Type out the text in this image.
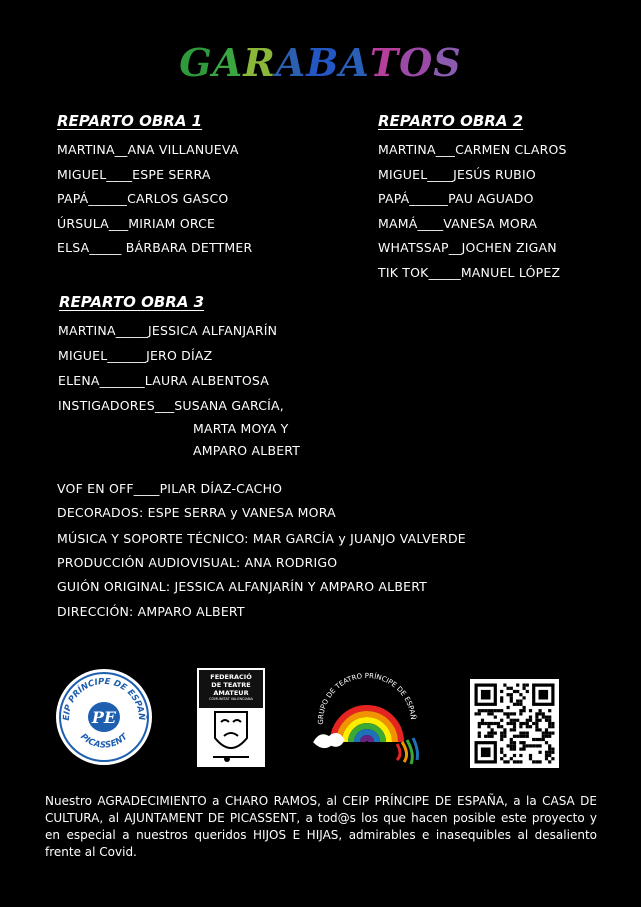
GARABATOS
REPARTO OBRA 1
MARTINA__ANA VILLANUEVA
MIGUEL____ESPE SERRA
PAPÁ______CARLOS GASCO
ÚRSULA___MIRIAM ORCE
ELSA_____ BÁRBARA DETTMER
REPARTO OBRA 2
MARTINA___CARMEN CLAROS
MIGUEL____JESÚS RUBIO
PAPÁ______PAU AGUADO
MAMÁ____VANESA MORA
WHATSSAP__JOCHEN ZIGAN
TIK TOK_____MANUEL LÓPEZ
REPARTO OBRA 3
MARTINA_____JESSICA ALFANJARÍN
MIGUEL______JERO DÍAZ
ELENA_______LAURA ALBENTOSA
INSTIGADORES___SUSANA GARCÍA,
MARTA MOYA Y
AMPARO ALBERT
VOF EN OFF____PILAR DÍAZ-CACHO
DECORADOS: ESPE SERRA y VANESA MORA
MÚSICA Y SOPORTE TÉCNICO: MAR GARCÍA y JUANJO VALVERDE
PRODUCCIÓN AUDIOVISUAL: ANA RODRIGO
GUIÓN ORIGINAL: JESSICA ALFANJARÍN Y AMPARO ALBERT
DIRECCIÓN: AMPARO ALBERT
EIP PRÍNCIPE DE ESPAÑ
PICASSENT
PE
FEDERACIÓ
DE TEATRE
AMATEUR
COMUNITAT VALENCIANA
GRUPO DE TEATRO PRÍNCIPE DE ESPAÑ
Nuestro AGRADECIMIENTO a CHARO RAMOS, al CEIP PRÍNCIPE DE ESPAÑA, a la CASA DE CULTURA, al AJUNTAMENT DE PICASSENT, a tod@s los que hacen posible este proyecto y en especial a nuestros queridos HIJOS E HIJAS, admirables e inasequibles al desaliento frente al Covid.
